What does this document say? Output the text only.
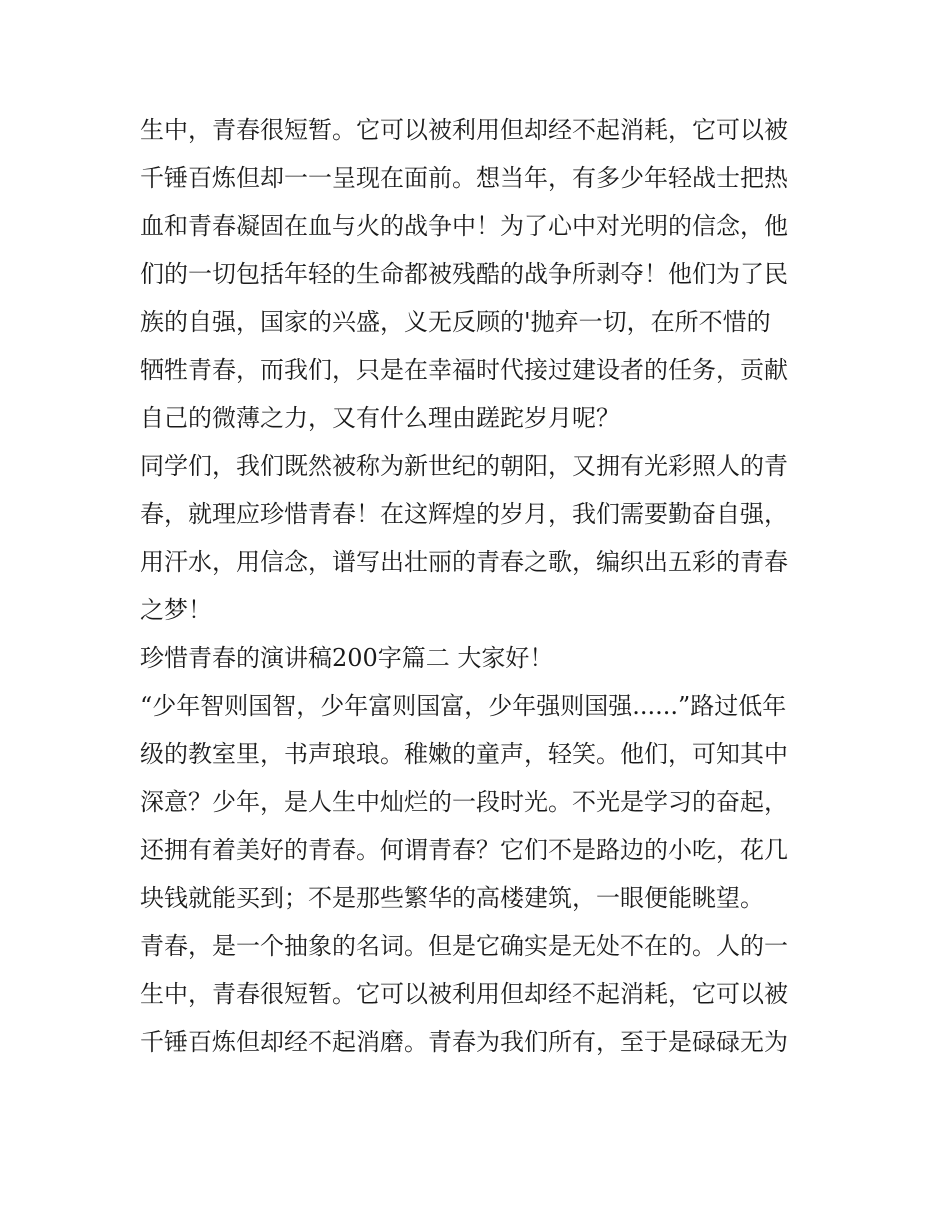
生中，青春很短暂。它可以被利用但却经不起消耗，它可以被
千锤百炼但却一一呈现在面前。想当年，有多少年轻战士把热
血和青春凝固在血与火的战争中！为了心中对光明的信念，他
们的一切包括年轻的生命都被残酷的战争所剥夺！他们为了民
族的自强，国家的兴盛，义无反顾的'抛弃一切，在所不惜的
牺牲青春，而我们，只是在幸福时代接过建设者的任务，贡献
自己的微薄之力，又有什么理由蹉跎岁月呢？
同学们，我们既然被称为新世纪的朝阳，又拥有光彩照人的青
春，就理应珍惜青春！在这辉煌的岁月，我们需要勤奋自强，
用汗水，用信念，谱写出壮丽的青春之歌，编织出五彩的青春
之梦！
珍惜青春的演讲稿200字篇二 大家好！
“少年智则国智，少年富则国富，少年强则国强......”路过低年
级的教室里，书声琅琅。稚嫩的童声，轻笑。他们，可知其中
深意？少年，是人生中灿烂的一段时光。不光是学习的奋起，
还拥有着美好的青春。何谓青春？它们不是路边的小吃，花几
块钱就能买到；不是那些繁华的高楼建筑，一眼便能眺望。
青春，是一个抽象的名词。但是它确实是无处不在的。人的一
生中，青春很短暂。它可以被利用但却经不起消耗，它可以被
千锤百炼但却经不起消磨。青春为我们所有，至于是碌碌无为
